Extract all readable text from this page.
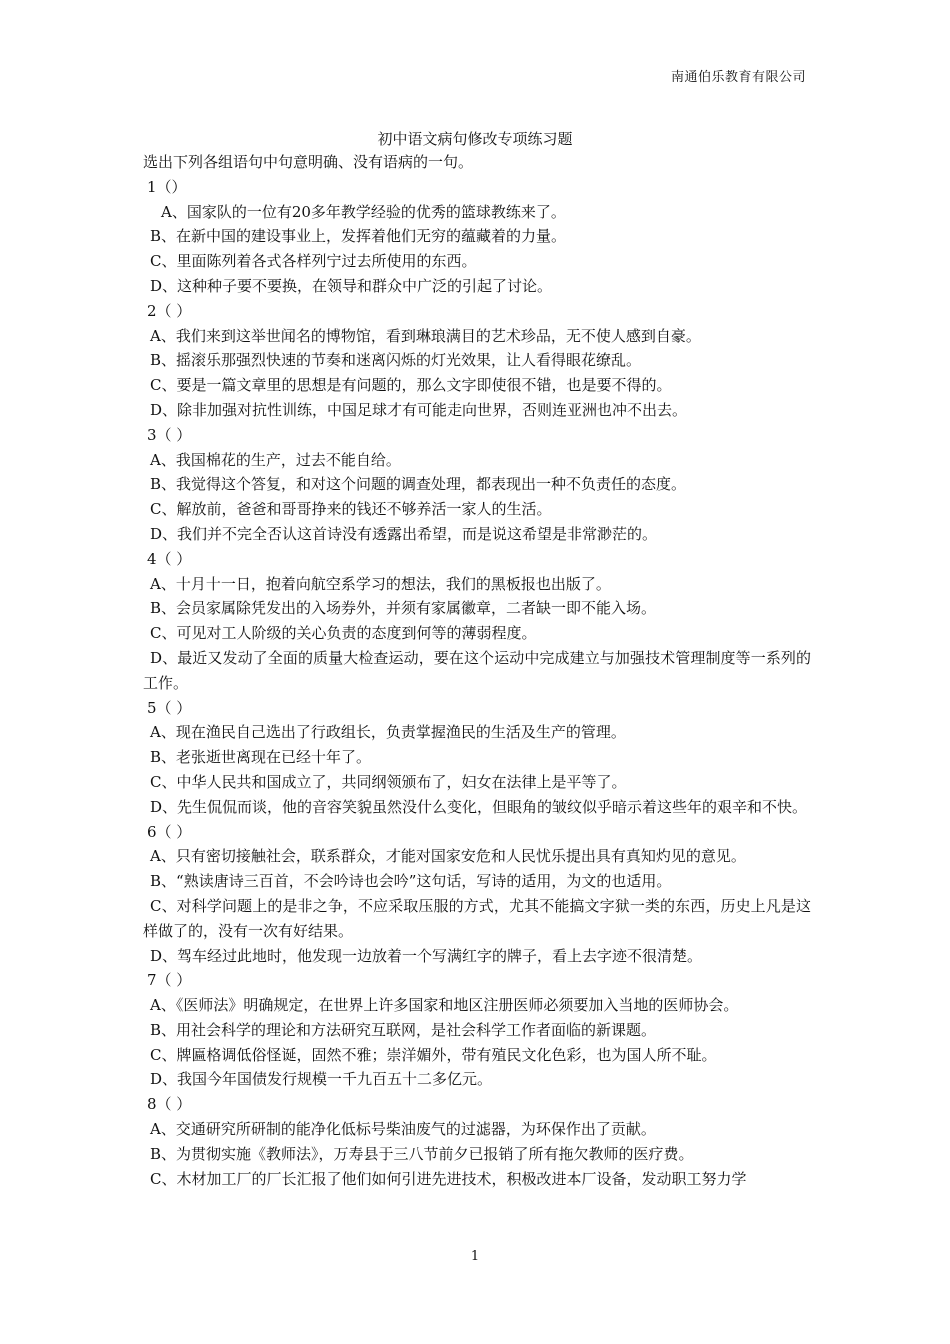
南通伯乐教育有限公司
初中语文病句修改专项练习题

选出下列各组语句中句意明确、没有语病的一句。

1（）
A、国家队的一位有20多年教学经验的优秀的篮球教练来了。
B、在新中国的建设事业上，发挥着他们无穷的蕴藏着的力量。
C、里面陈列着各式各样列宁过去所使用的东西。
D、这种种子要不要换，在领导和群众中广泛的引起了讨论。
2（ ）
A、我们来到这举世闻名的博物馆，看到琳琅满目的艺术珍品，无不使人感到自豪。
B、摇滚乐那强烈快速的节奏和迷离闪烁的灯光效果，让人看得眼花缭乱。
C、要是一篇文章里的思想是有问题的，那么文字即使很不错，也是要不得的。
D、除非加强对抗性训练，中国足球才有可能走向世界，否则连亚洲也冲不出去。
3（ ）
A、我国棉花的生产，过去不能自给。
B、我觉得这个答复，和对这个问题的调查处理，都表现出一种不负责任的态度。
C、解放前，爸爸和哥哥挣来的钱还不够养活一家人的生活。
D、我们并不完全否认这首诗没有透露出希望，而是说这希望是非常渺茫的。
4（ ）
A、十月十一日，抱着向航空系学习的想法，我们的黑板报也出版了。
B、会员家属除凭发出的入场券外，并须有家属徽章，二者缺一即不能入场。
C、可见对工人阶级的关心负责的态度到何等的薄弱程度。
D、最近又发动了全面的质量大检查运动，要在这个运动中完成建立与加强技术管理制度等一系列的工作。
5（ ）
A、现在渔民自己选出了行政组长，负责掌握渔民的生活及生产的管理。
B、老张逝世离现在已经十年了。
C、中华人民共和国成立了，共同纲领颁布了，妇女在法律上是平等了。
D、先生侃侃而谈，他的音容笑貌虽然没什么变化，但眼角的皱纹似乎暗示着这些年的艰辛和不快。
6（ ）
A、只有密切接触社会，联系群众，才能对国家安危和人民忧乐提出具有真知灼见的意见。
B、“熟读唐诗三百首，不会吟诗也会吟”这句话，写诗的适用，为文的也适用。
C、对科学问题上的是非之争，不应采取压服的方式，尤其不能搞文字狱一类的东西，历史上凡是这样做了的，没有一次有好结果。
D、驾车经过此地时，他发现一边放着一个写满红字的牌子，看上去字迹不很清楚。
7（ ）
A、《医师法》明确规定，在世界上许多国家和地区注册医师必须要加入当地的医师协会。
B、用社会科学的理论和方法研究互联网，是社会科学工作者面临的新课题。
C、牌匾格调低俗怪诞，固然不雅；崇洋媚外，带有殖民文化色彩，也为国人所不耻。
D、我国今年国债发行规模一千九百五十二多亿元。
8（ ）
A、交通研究所研制的能净化低标号柴油废气的过滤器，为环保作出了贡献。
B、为贯彻实施《教师法》，万寿县于三八节前夕已报销了所有拖欠教师的医疗费。
C、木材加工厂的厂长汇报了他们如何引进先进技术，积极改进本厂设备，发动职工努力学
1
